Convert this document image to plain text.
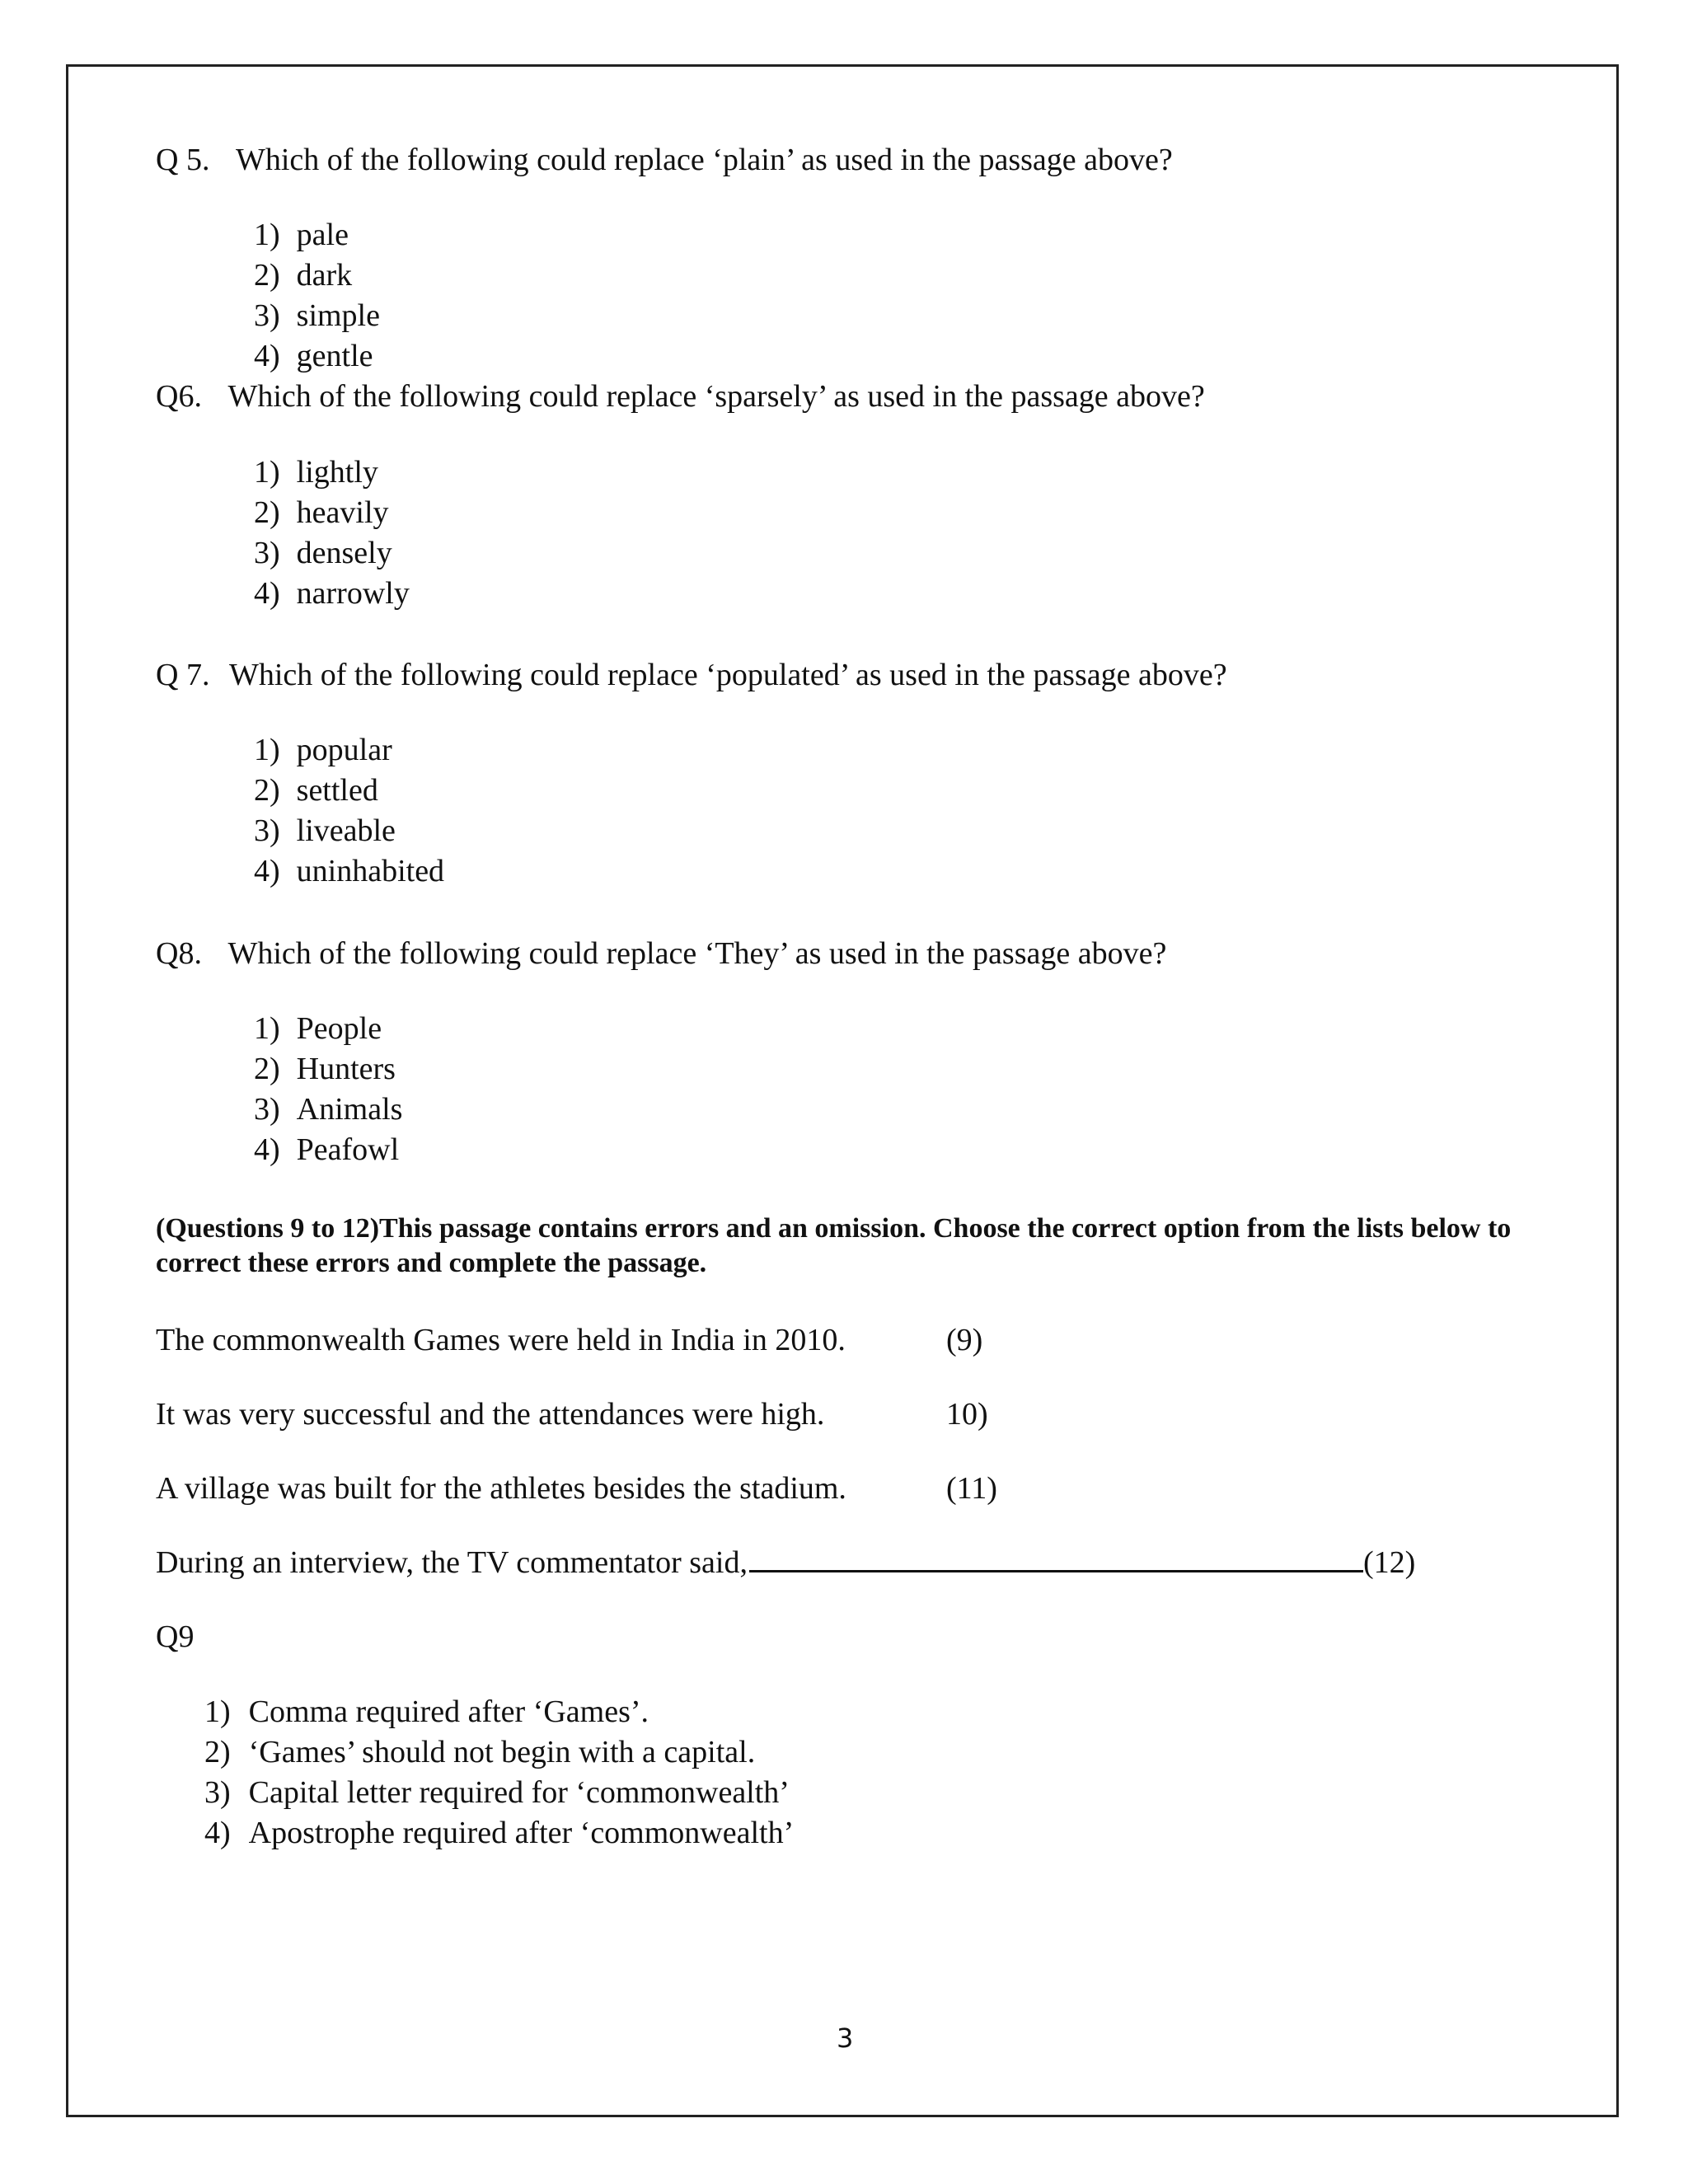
Q 5. Which of the following could replace ‘plain’ as used in the passage above?
1) pale
2) dark
3) simple
4) gentle
Q6. Which of the following could replace ‘sparsely’ as used in the passage above?
1) lightly
2) heavily
3) densely
4) narrowly
Q 7. Which of the following could replace ‘populated’ as used in the passage above?
1) popular
2) settled
3) liveable
4) uninhabited
Q8. Which of the following could replace ‘They’ as used in the passage above?
1) People
2) Hunters
3) Animals
4) Peafowl
(Questions 9 to 12)This passage contains errors and an omission. Choose the correct option from the lists below to correct these errors and complete the passage.
The commonwealth Games were held in India in 2010.	(9)
It was very successful and the attendances were high.	10)
A village was built for the athletes besides the stadium.	(11)
During an interview, the TV commentator said,	(12)
Q9
1) Comma required after ‘Games’.
2) ‘Games’ should not begin with a capital.
3) Capital letter required for ‘commonwealth’
4) Apostrophe required after ‘commonwealth’
3
